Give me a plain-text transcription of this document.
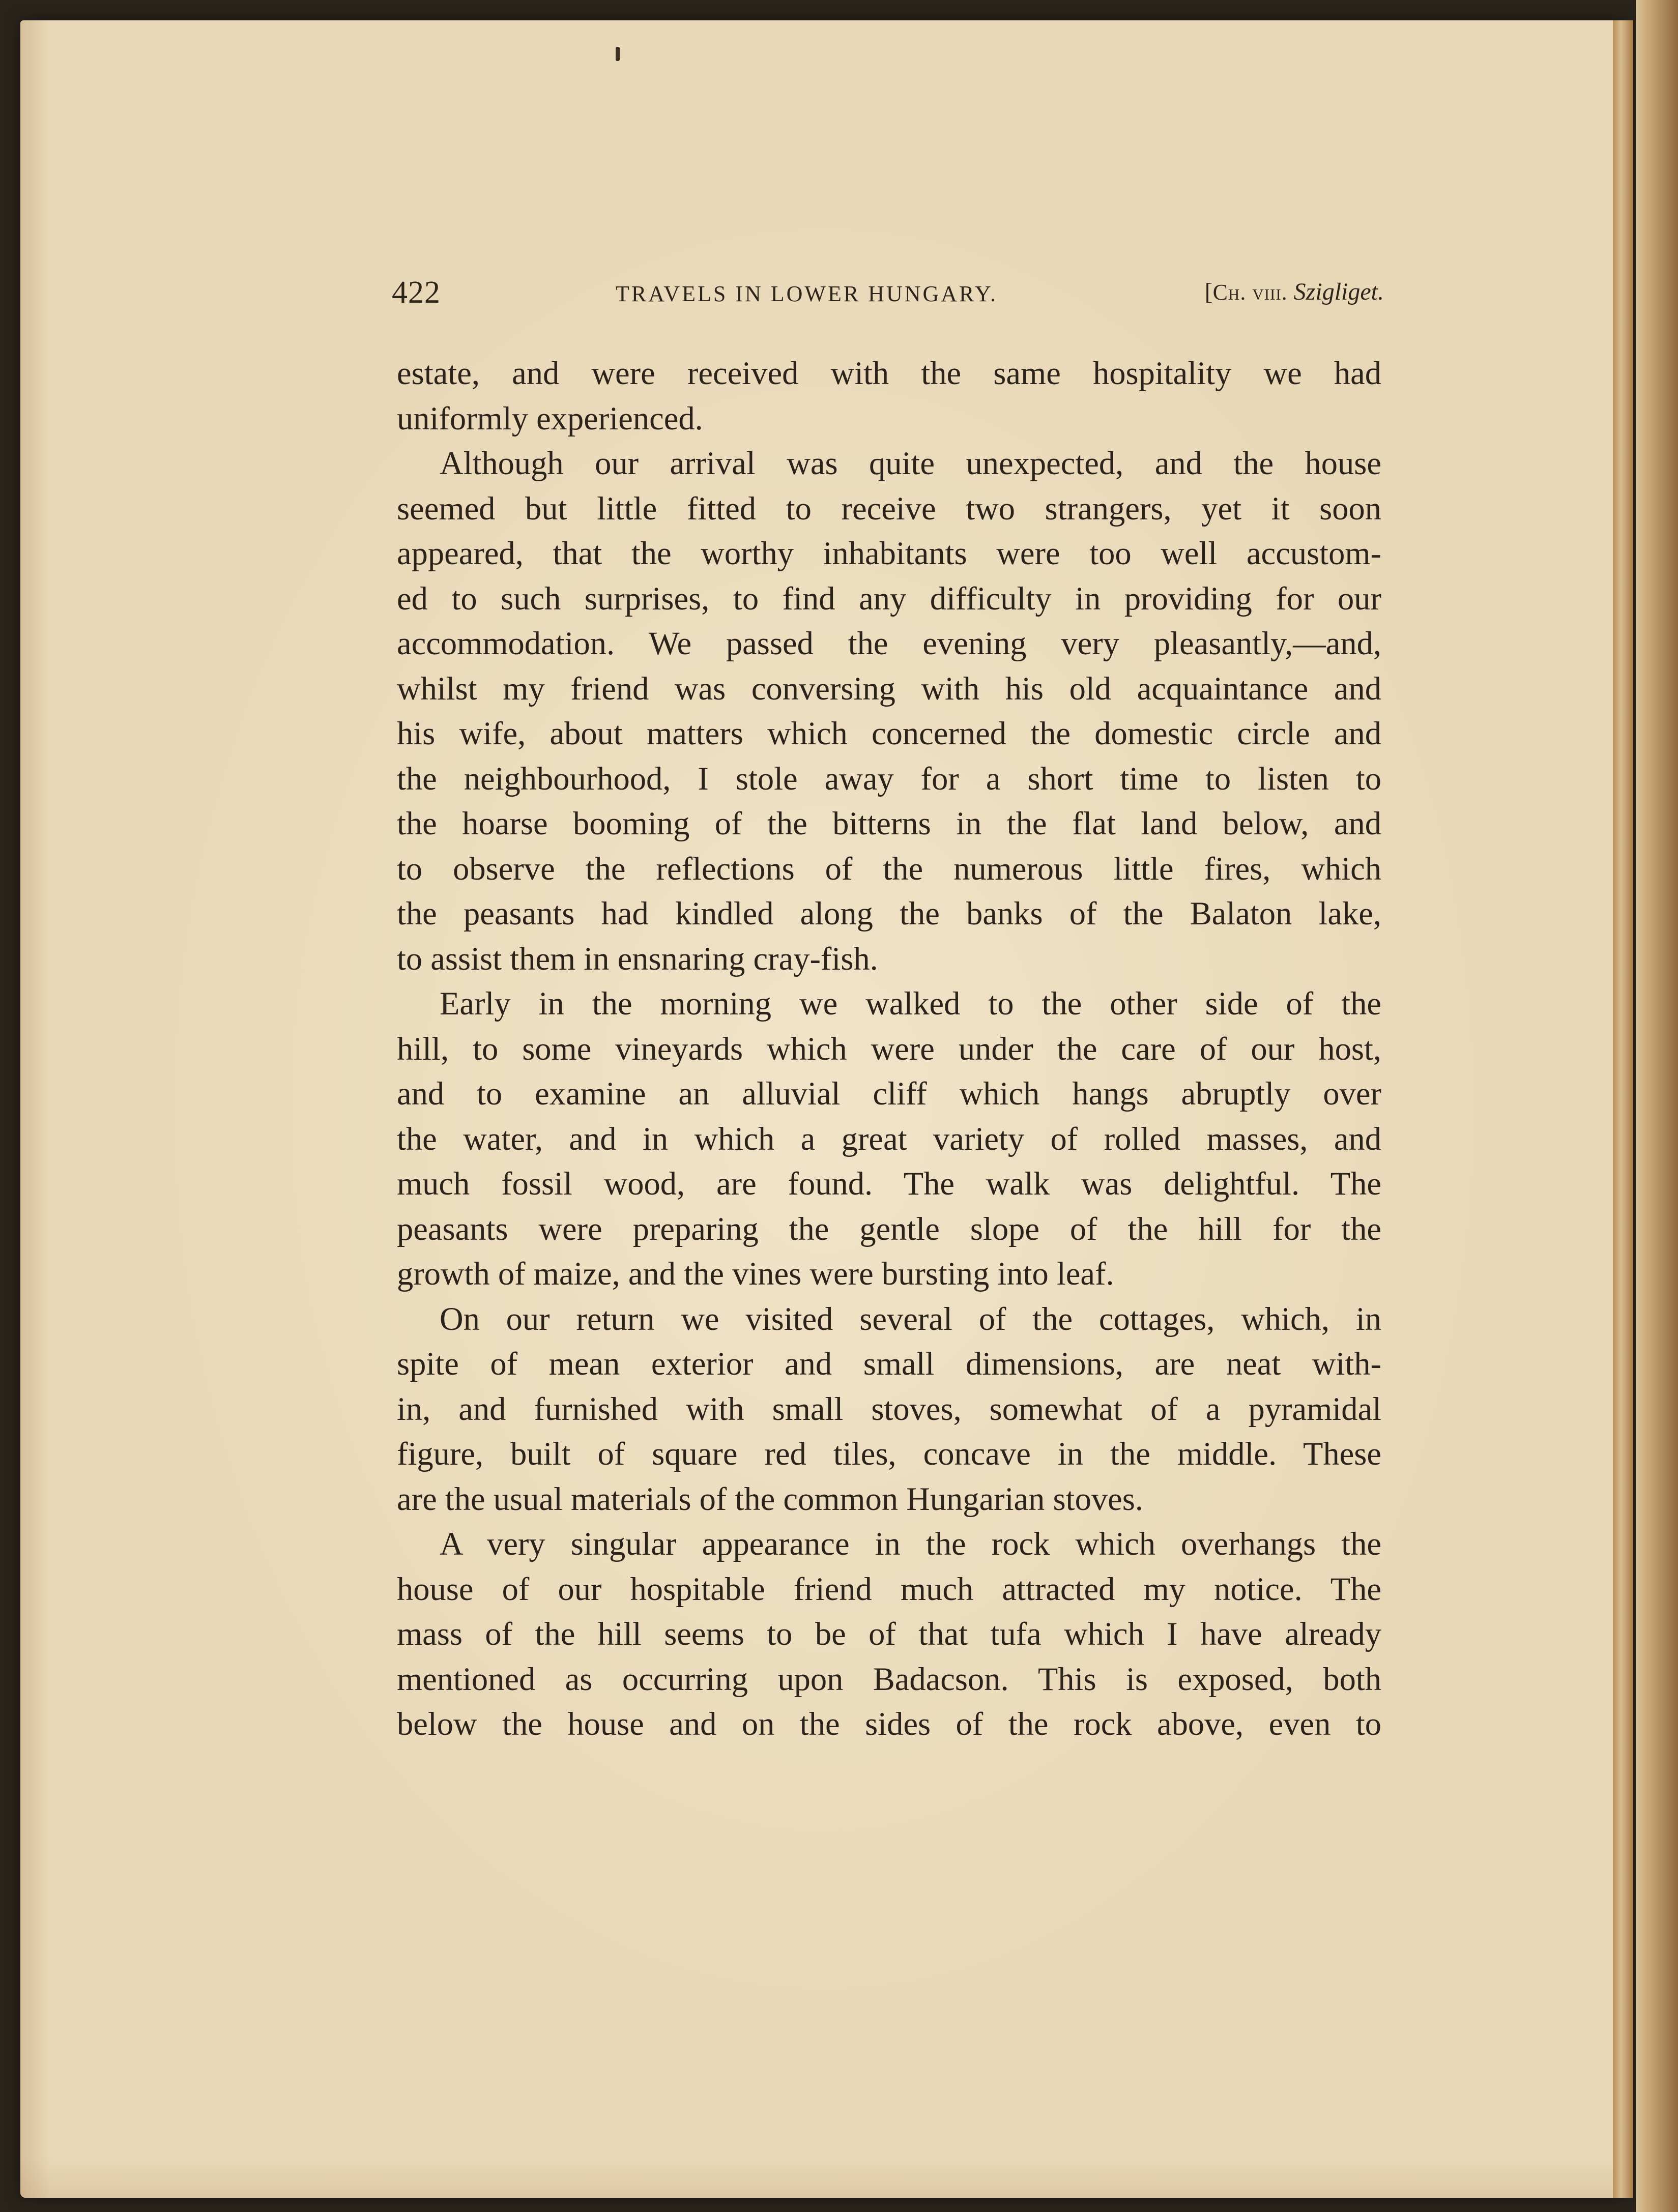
422	TRAVELS IN LOWER HUNGARY.	[Ch. viii. Szigliget.
estate, and were received with the same hospitality we had
uniformly experienced.
Although our arrival was quite unexpected, and the house
seemed but little fitted to receive two strangers, yet it soon
appeared, that the worthy inhabitants were too well accustom-
ed to such surprises, to find any difficulty in providing for our
accommodation. We passed the evening very pleasantly,—and,
whilst my friend was conversing with his old acquaintance and
his wife, about matters which concerned the domestic circle and
the neighbourhood, I stole away for a short time to listen to
the hoarse booming of the bitterns in the flat land below, and
to observe the reflections of the numerous little fires, which
the peasants had kindled along the banks of the Balaton lake,
to assist them in ensnaring cray-fish.
Early in the morning we walked to the other side of the
hill, to some vineyards which were under the care of our host,
and to examine an alluvial cliff which hangs abruptly over
the water, and in which a great variety of rolled masses, and
much fossil wood, are found. The walk was delightful. The
peasants were preparing the gentle slope of the hill for the
growth of maize, and the vines were bursting into leaf.
On our return we visited several of the cottages, which, in
spite of mean exterior and small dimensions, are neat with-
in, and furnished with small stoves, somewhat of a pyramidal
figure, built of square red tiles, concave in the middle. These
are the usual materials of the common Hungarian stoves.
A very singular appearance in the rock which overhangs the
house of our hospitable friend much attracted my notice. The
mass of the hill seems to be of that tufa which I have already
mentioned as occurring upon Badacson. This is exposed, both
below the house and on the sides of the rock above, even to
